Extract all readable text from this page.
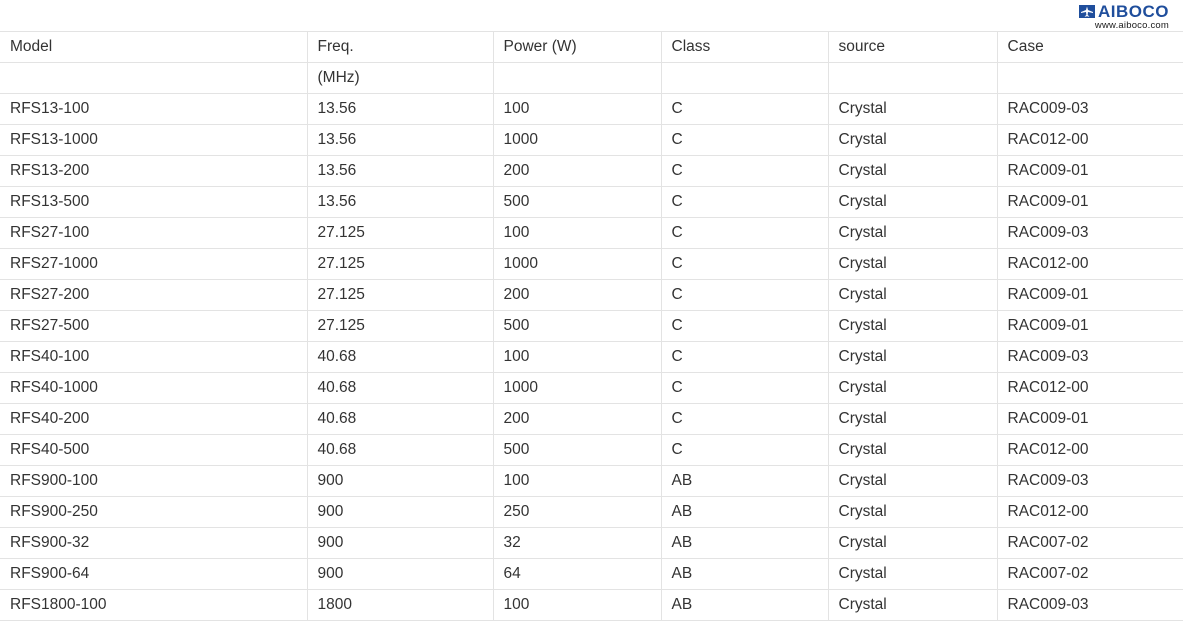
AIBOCO
www.aiboco.com
Model	Freq.	Power (W)	Class	source	Case
	(MHz)				
RFS13-100	13.56	100	C	Crystal	RAC009-03
RFS13-1000	13.56	1000	C	Crystal	RAC012-00
RFS13-200	13.56	200	C	Crystal	RAC009-01
RFS13-500	13.56	500	C	Crystal	RAC009-01
RFS27-100	27.125	100	C	Crystal	RAC009-03
RFS27-1000	27.125	1000	C	Crystal	RAC012-00
RFS27-200	27.125	200	C	Crystal	RAC009-01
RFS27-500	27.125	500	C	Crystal	RAC009-01
RFS40-100	40.68	100	C	Crystal	RAC009-03
RFS40-1000	40.68	1000	C	Crystal	RAC012-00
RFS40-200	40.68	200	C	Crystal	RAC009-01
RFS40-500	40.68	500	C	Crystal	RAC012-00
RFS900-100	900	100	AB	Crystal	RAC009-03
RFS900-250	900	250	AB	Crystal	RAC012-00
RFS900-32	900	32	AB	Crystal	RAC007-02
RFS900-64	900	64	AB	Crystal	RAC007-02
RFS1800-100	1800	100	AB	Crystal	RAC009-03
